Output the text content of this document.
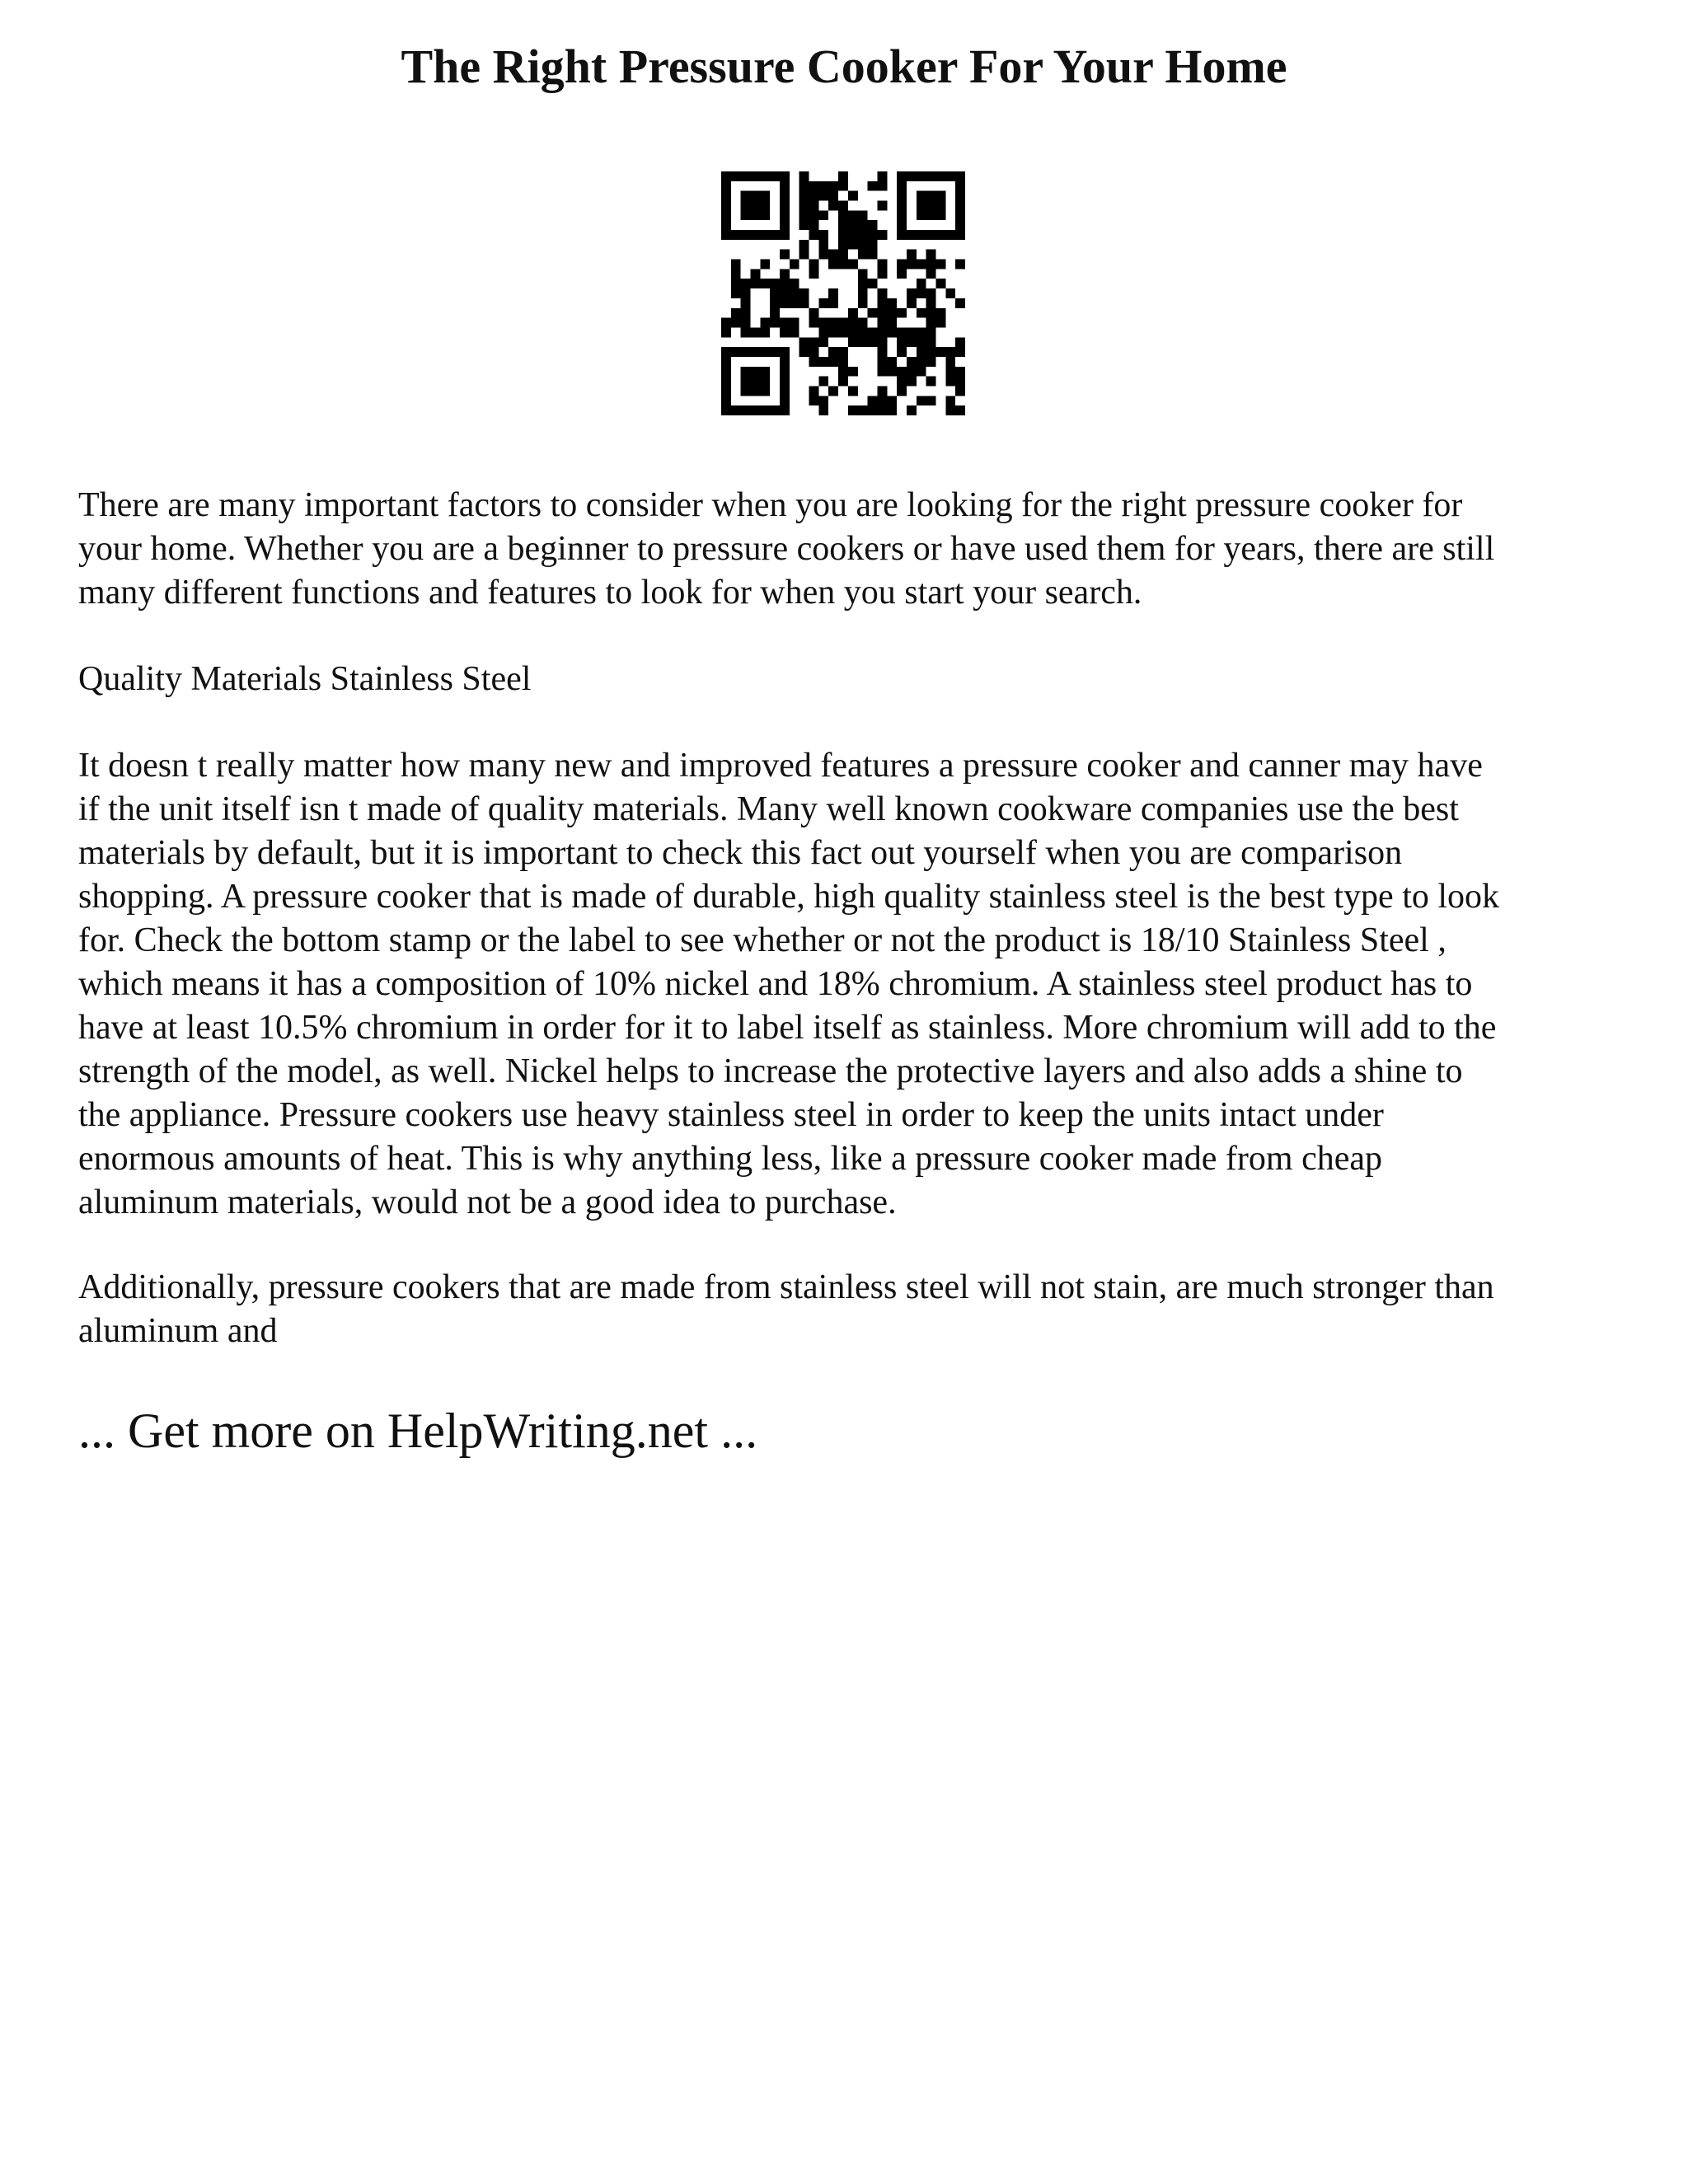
The Right Pressure Cooker For Your Home
There are many important factors to consider when you are looking for the right pressure cooker for
your home. Whether you are a beginner to pressure cookers or have used them for years, there are still
many different functions and features to look for when you start your search.
Quality Materials Stainless Steel
It doesn t really matter how many new and improved features a pressure cooker and canner may have
if the unit itself isn t made of quality materials. Many well known cookware companies use the best
materials by default, but it is important to check this fact out yourself when you are comparison
shopping. A pressure cooker that is made of durable, high quality stainless steel is the best type to look
for. Check the bottom stamp or the label to see whether or not the product is 18/10 Stainless Steel ,
which means it has a composition of 10% nickel and 18% chromium. A stainless steel product has to
have at least 10.5% chromium in order for it to label itself as stainless. More chromium will add to the
strength of the model, as well. Nickel helps to increase the protective layers and also adds a shine to
the appliance. Pressure cookers use heavy stainless steel in order to keep the units intact under
enormous amounts of heat. This is why anything less, like a pressure cooker made from cheap
aluminum materials, would not be a good idea to purchase.
Additionally, pressure cookers that are made from stainless steel will not stain, are much stronger than
aluminum and
... Get more on HelpWriting.net ...
